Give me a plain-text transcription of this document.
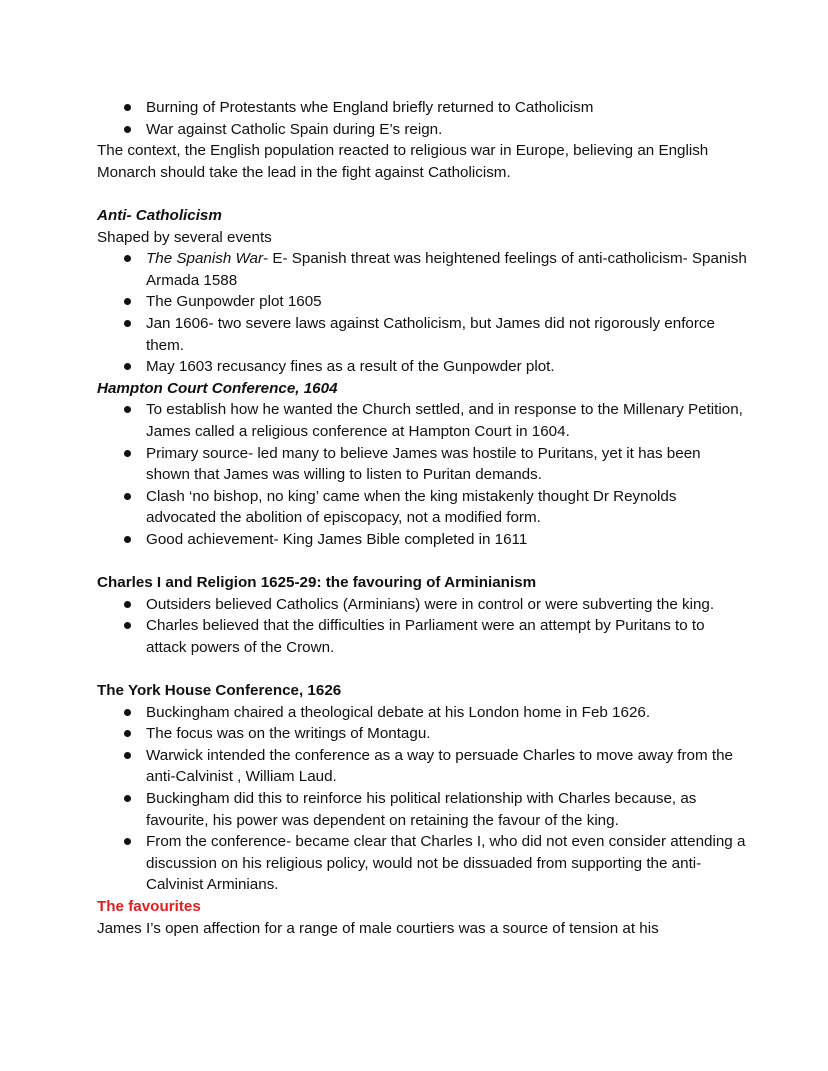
Burning of Protestants whe England briefly returned to Catholicism
War against Catholic Spain during E’s reign.

The context, the English population reacted to religious war in Europe, believing an English Monarch should take the lead in the fight against Catholicism.

Anti- Catholicism

Shaped by several events

The Spanish War- E- Spanish threat was heightened feelings of anti-catholicism- Spanish Armada 1588
The Gunpowder plot 1605
Jan 1606- two severe laws against Catholicism, but James did not rigorously enforce them.
May 1603 recusancy fines as a result of the Gunpowder plot.

Hampton Court Conference, 1604

To establish how he wanted the Church settled, and in response to the Millenary Petition, James called a religious conference at Hampton Court in 1604.
Primary source- led many to believe James was hostile to Puritans, yet it has been shown that James was willing to listen to Puritan demands.
Clash ‘no bishop, no king’ came when the king mistakenly thought Dr Reynolds advocated the abolition of episcopacy, not a modified form.
Good achievement- King James Bible completed in 1611

Charles I and Religion 1625-29: the favouring of Arminianism

Outsiders believed Catholics (Arminians) were in control or were subverting the king.
Charles believed that the difficulties in Parliament were an attempt by Puritans to to attack powers of the Crown.

The York House Conference, 1626

Buckingham chaired a theological debate at his London home in Feb 1626.
The focus was on the writings of Montagu.
Warwick intended the conference as a way to persuade Charles to move away from the anti-Calvinist , William Laud.
Buckingham did this to reinforce his political relationship with Charles because, as favourite, his power was dependent on retaining the favour of the king.
From the conference- became clear that Charles I, who did not even consider attending a discussion on his religious policy, would not be dissuaded from supporting the anti-Calvinist Arminians.

The favourites

James I’s open affection for a range of male courtiers was a source of tension at his
